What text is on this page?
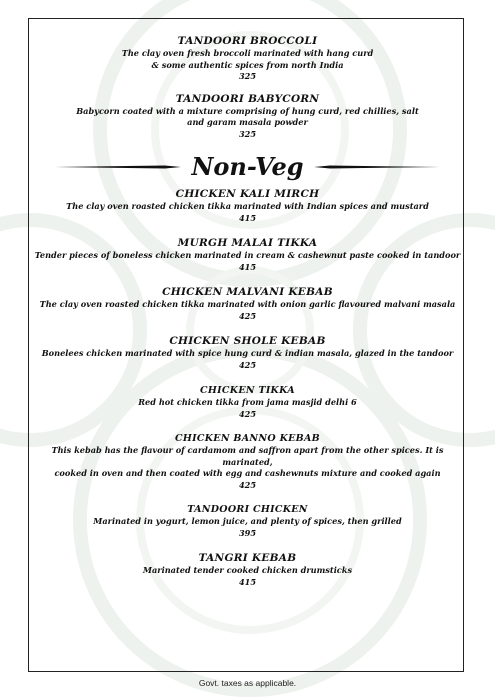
TANDOORI BROCCOLI
The clay oven fresh broccoli marinated with hang curd
& some authentic spices from north India
325
TANDOORI BABYCORN
Babycorn coated with a mixture comprising of hung curd, red chillies, salt
and garam masala powder
325
Non-Veg
CHICKEN KALI MIRCH
The clay oven roasted chicken tikka marinated with Indian spices and mustard
415
MURGH MALAI TIKKA
Tender pieces of boneless chicken marinated in cream & cashewnut paste cooked in tandoor
415
CHICKEN MALVANI KEBAB
The clay oven roasted chicken tikka marinated with onion garlic flavoured malvani masala
425
CHICKEN SHOLE KEBAB
Bonelees chicken marinated with spice hung curd & indian masala, glazed in the tandoor
425
CHICKEN TIKKA
Red hot chicken tikka from jama masjid delhi 6
425
CHICKEN BANNO KEBAB
This kebab has the flavour of cardamom and saffron apart from the other spices. It is marinated,
cooked in oven and then coated with egg and cashewnuts mixture and cooked again
425
TANDOORI CHICKEN
Marinated in yogurt, lemon juice, and plenty of spices, then grilled
395
TANGRI KEBAB
Marinated tender cooked chicken drumsticks
415
Govt. taxes as applicable.
